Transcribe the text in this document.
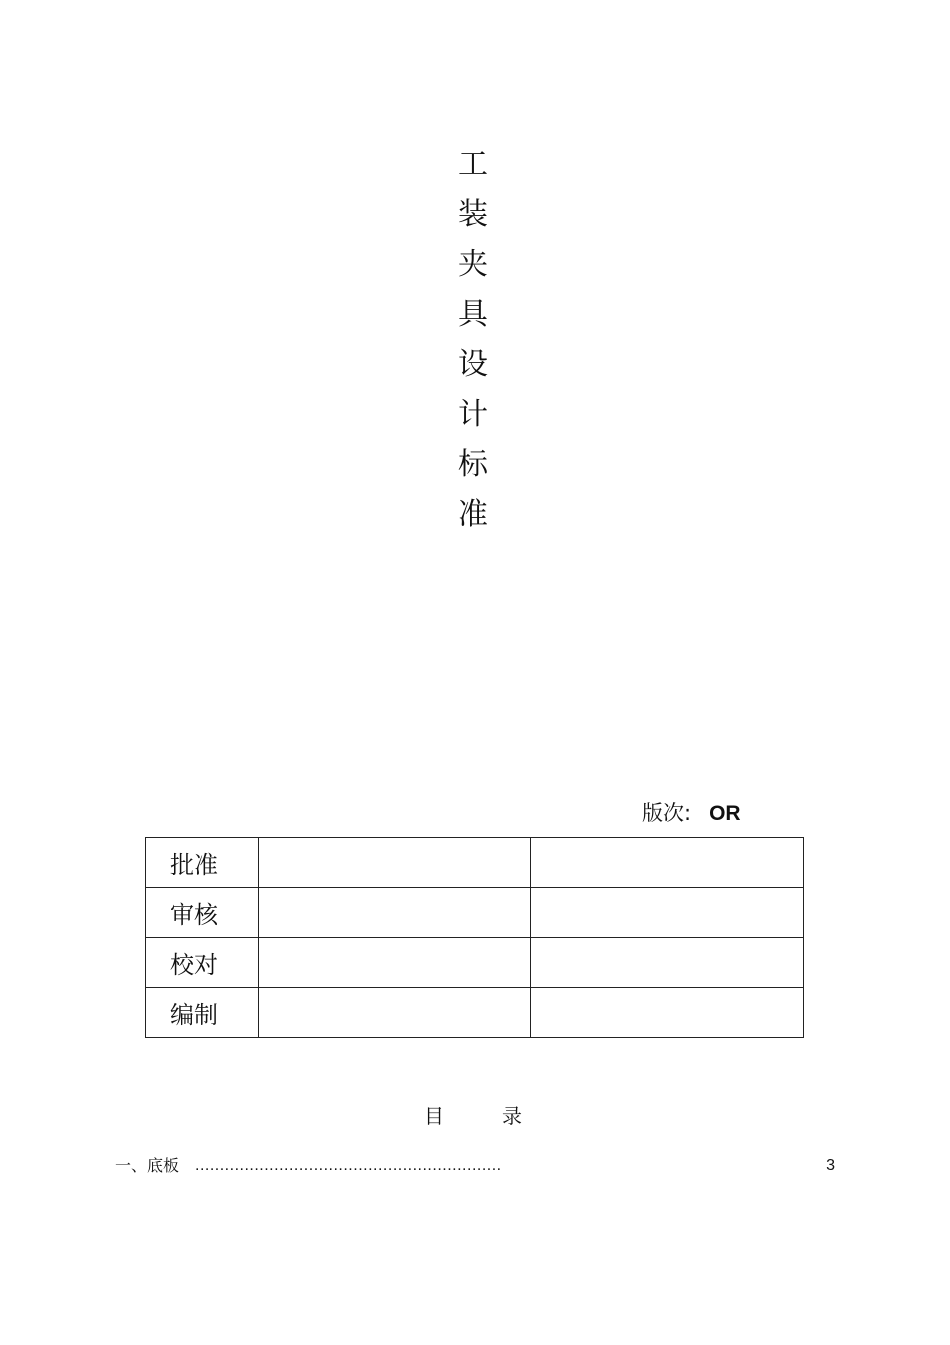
工
装
夹
具
设
计
标
准
版次: OR
批准		
审核		
校对		
编制		
目	录
一、底板 ..............................................................	3
